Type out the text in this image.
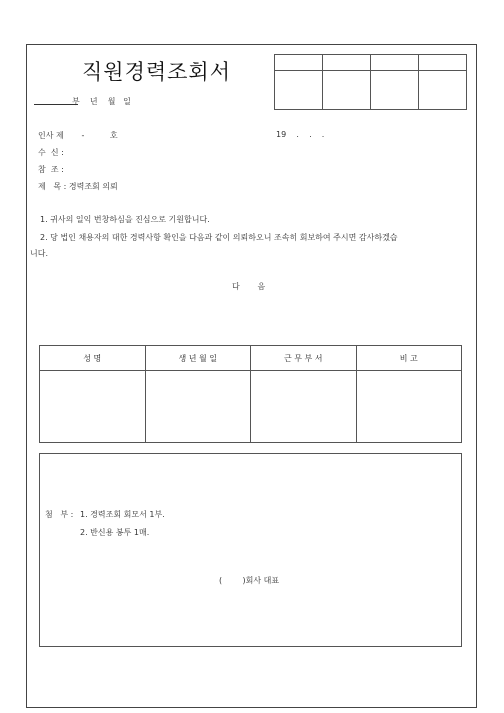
직원경력조회서

부    년    월   일
인사 제       -          호	19    .    .    .
수  신 :
참  조 :
제   목 : 경력조회 의뢰
1. 귀사의 일익 번창하심을 진심으로 기원합니다.
2. 당 법인 채용자의 대한 경력사항 확인을 다음과 같이 의뢰하오니 조속히 회보하여 주시면 감사하겠습
니다.
다       음
성 명	생 년 월 일	근 무 부 서	비 고

첨   부 : 1. 경력조회 회모서 1부.
2. 반신용 봉투 1매.
(        )회사 대표
